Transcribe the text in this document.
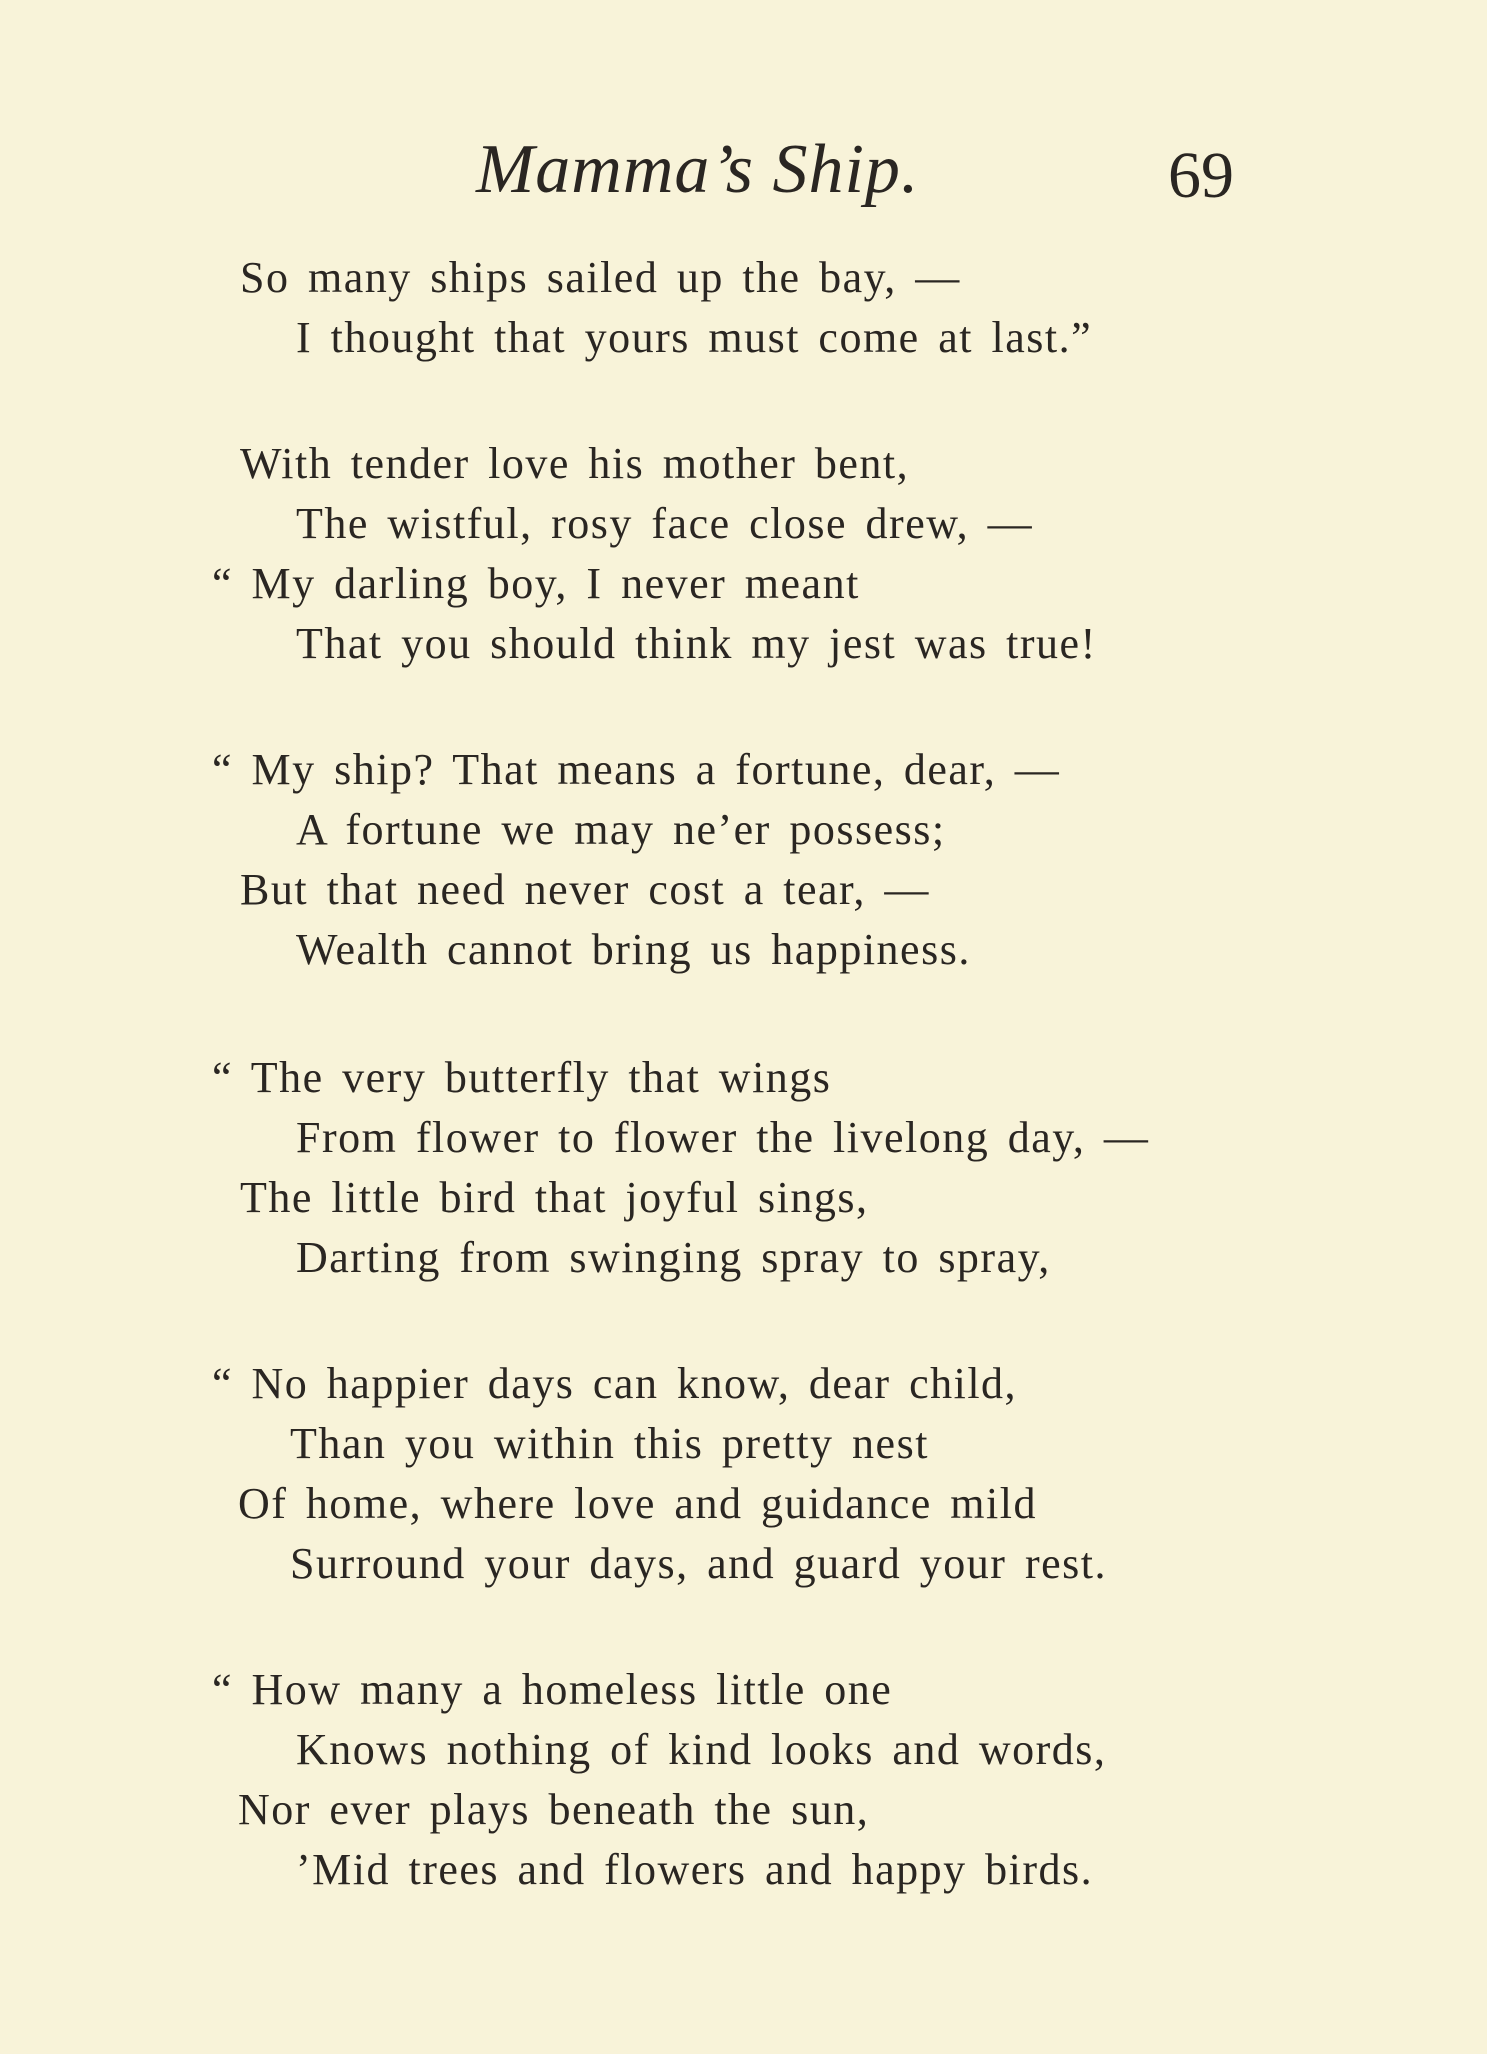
Mamma’s Ship.	69
So many ships sailed up the bay, —
I thought that yours must come at last.”
With tender love his mother bent,
The wistful, rosy face close drew, —
“ My darling boy, I never meant
That you should think my jest was true!
“ My ship? That means a fortune, dear, —
A fortune we may ne’er possess;
But that need never cost a tear, —
Wealth cannot bring us happiness.
“ The very butterfly that wings
From flower to flower the livelong day, —
The little bird that joyful sings,
Darting from swinging spray to spray,
“ No happier days can know, dear child,
Than you within this pretty nest
Of home, where love and guidance mild
Surround your days, and guard your rest.
“ How many a homeless little one
Knows nothing of kind looks and words,
Nor ever plays beneath the sun,
’Mid trees and flowers and happy birds.
